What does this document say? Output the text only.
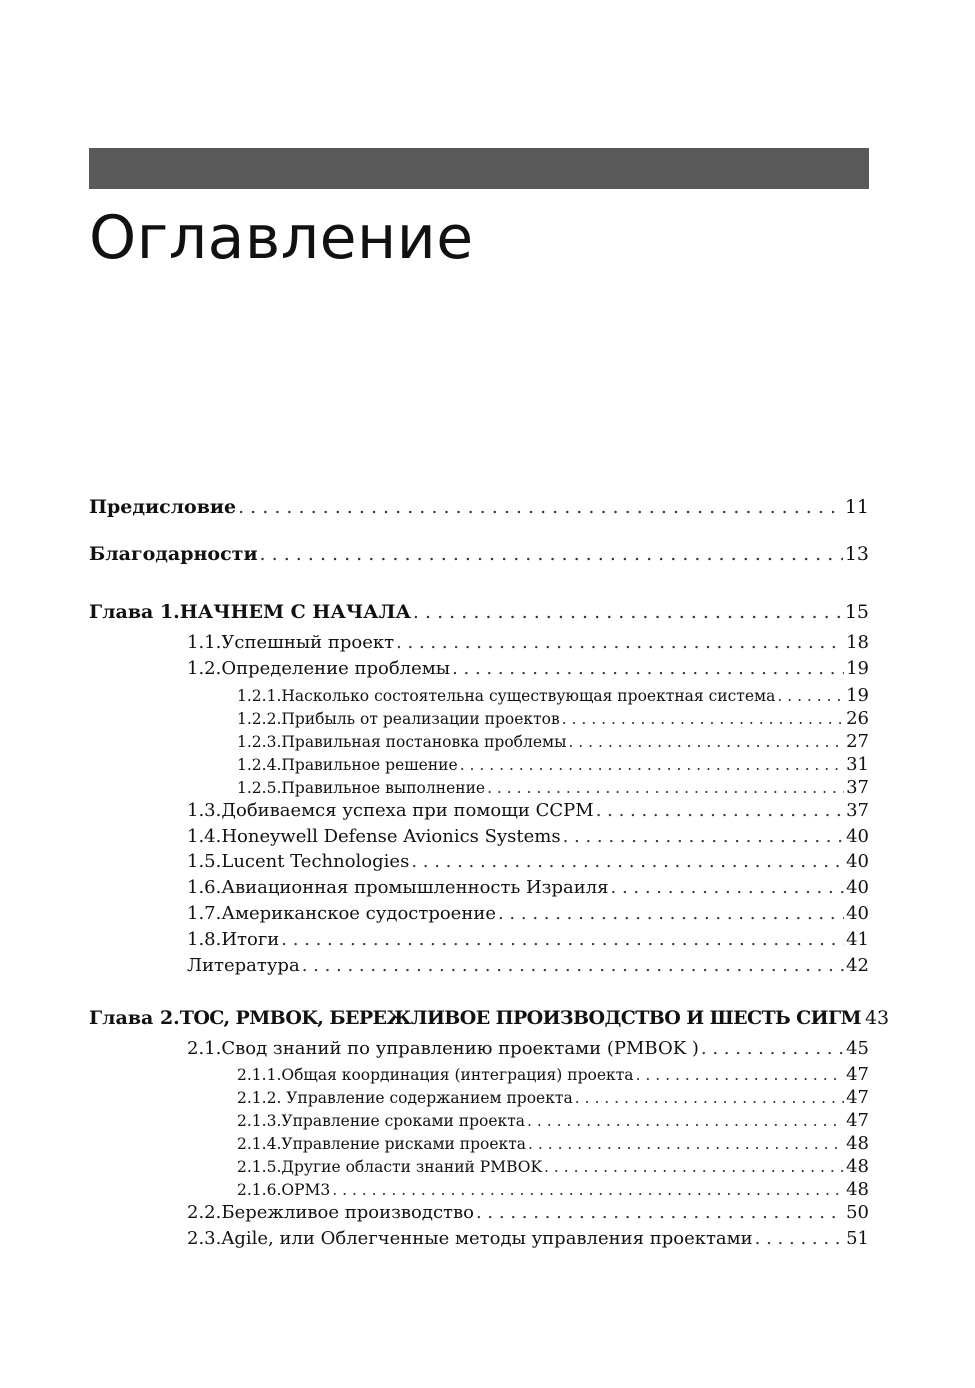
Оглавление
Предисловие . . .	11
Благодарности . . .	13
Глава 1. НАЧНЕМ С НАЧАЛА . . .	15
1.1. Успешный проект . . .	18
1.2. Определение проблемы . . .	19
1.2.1. Насколько состоятельна существующая проектная система . . .	19
1.2.2. Прибыль от реализации проектов . . .	26
1.2.3. Правильная постановка проблемы . . .	27
1.2.4. Правильное решение . . .	31
1.2.5. Правильное выполнение . . .	37
1.3. Добиваемся успеха при помощи CCPM . . .	37
1.4. Honeywell Defense Avionics Systems . . .	40
1.5. Lucent Technologies . . .	40
1.6. Авиационная промышленность Израиля . . .	40
1.7. Американское судостроение . . .	40
1.8. Итоги . . .	41
Литература . . .	42
Глава 2. TOC, PMBOK, БЕРЕЖЛИВОЕ ПРОИЗВОДСТВО И ШЕСТЬ СИГМ 43
2.1. Свод знаний по управлению проектами (PMBOK ) . . .	45
2.1.1. Общая координация (интеграция) проекта . . .	47
2.1.2. Управление содержанием проекта . . .	47
2.1.3. Управление сроками проекта . . .	47
2.1.4. Управление рисками проекта . . .	48
2.1.5. Другие области знаний PMBOK . . .	48
2.1.6. OPM3 . . .	48
2.2. Бережливое производство . . .	50
2.3. Agile, или Облегченные методы управления проектами . . .	51
